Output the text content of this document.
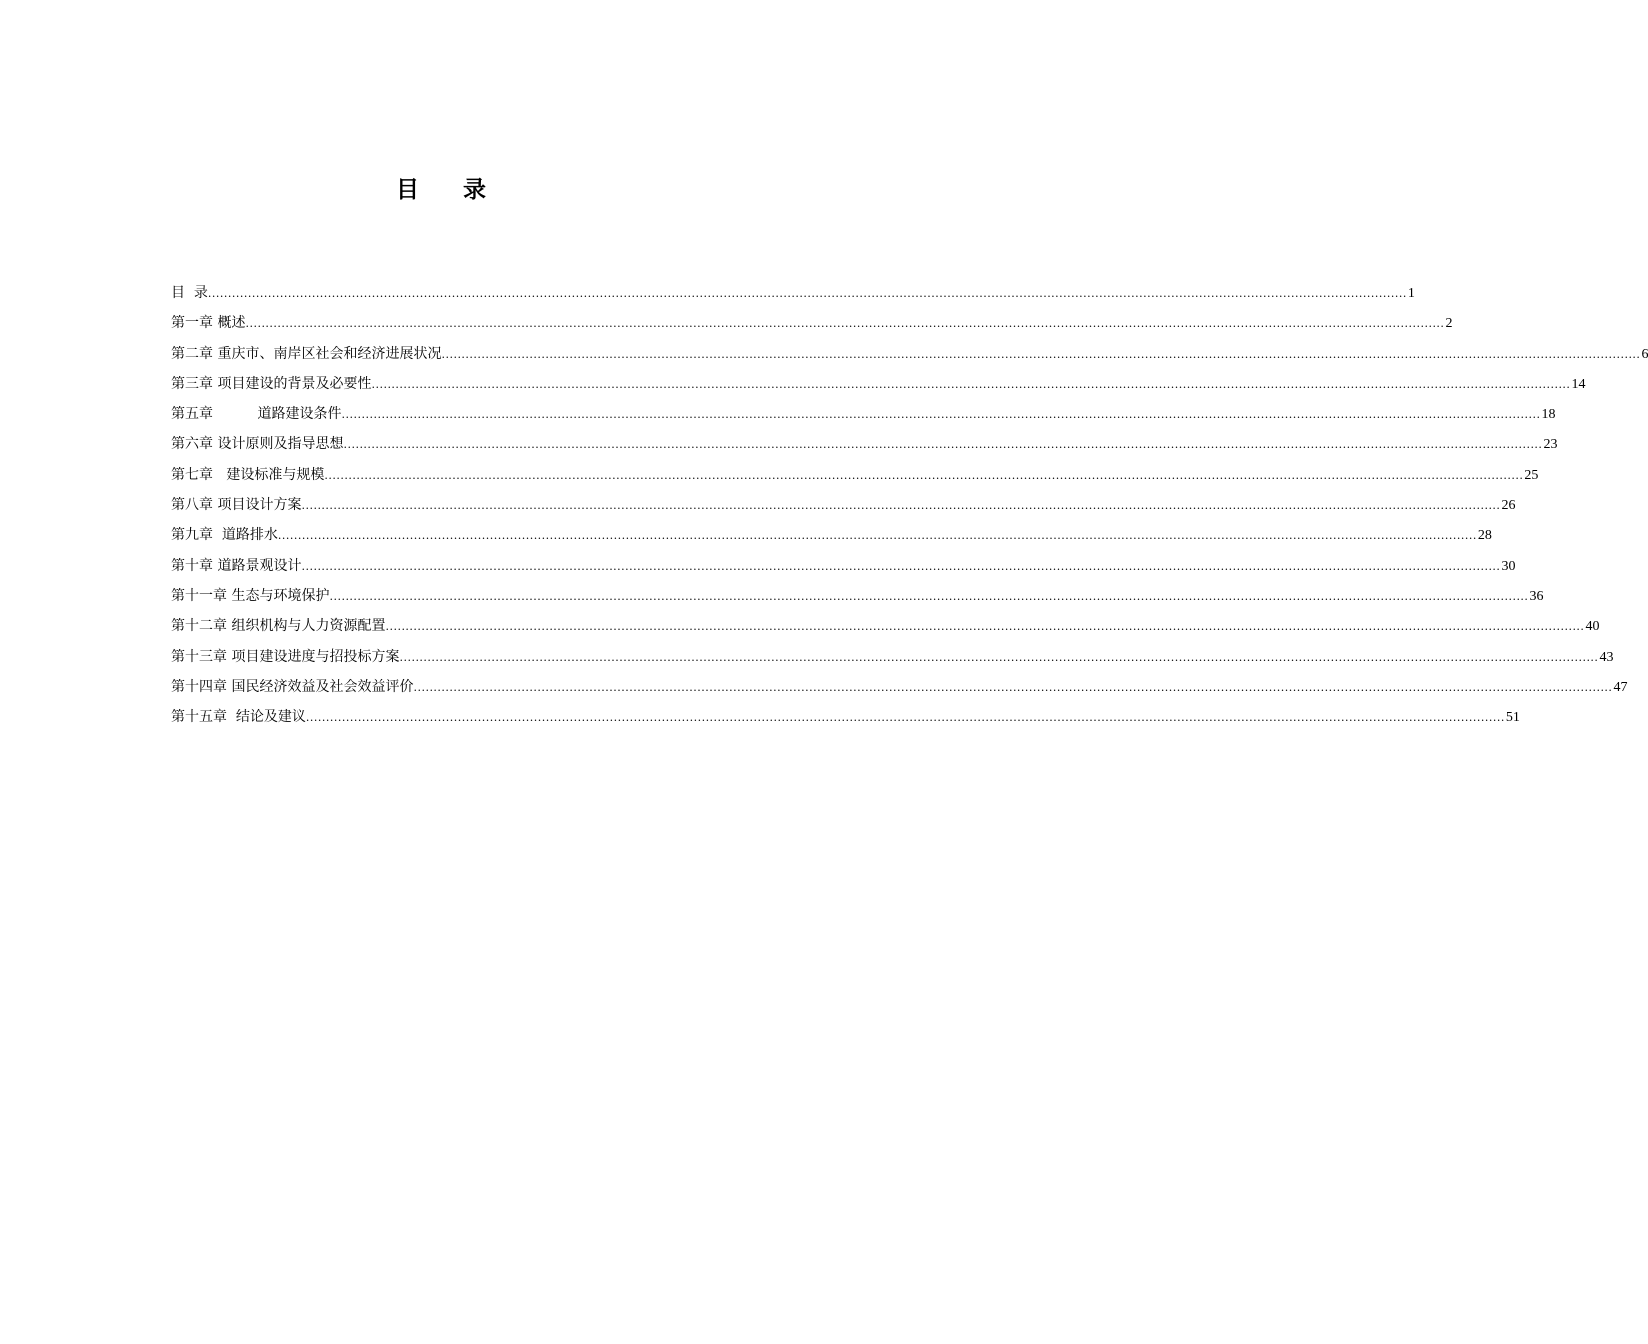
目 录
目  录 ............................................................................................................................................................................................................................................................................................................ 1
第一章 概述 ............................................................................................................................................................................................................................................................................................................ 2
第二章 重庆市、南岸区社会和经济进展状况 ............................................................................................................................................................................................................................................................................................................ 6
第三章 项目建设的背景及必要性 ............................................................................................................................................................................................................................................................................................................ 14
第五章          道路建设条件 ............................................................................................................................................................................................................................................................................................................ 18
第六章 设计原则及指导思想 ............................................................................................................................................................................................................................................................................................................ 23
第七章   建设标准与规模 ............................................................................................................................................................................................................................................................................................................ 25
第八章 项目设计方案 ............................................................................................................................................................................................................................................................................................................ 26
第九章  道路排水 ............................................................................................................................................................................................................................................................................................................ 28
第十章 道路景观设计 ............................................................................................................................................................................................................................................................................................................ 30
第十一章 生态与环境保护 ............................................................................................................................................................................................................................................................................................................ 36
第十二章 组织机构与人力资源配置 ............................................................................................................................................................................................................................................................................................................ 40
第十三章 项目建设进度与招投标方案 ............................................................................................................................................................................................................................................................................................................ 43
第十四章 国民经济效益及社会效益评价 ............................................................................................................................................................................................................................................................................................................ 47
第十五章  结论及建议 ............................................................................................................................................................................................................................................................................................................ 51
